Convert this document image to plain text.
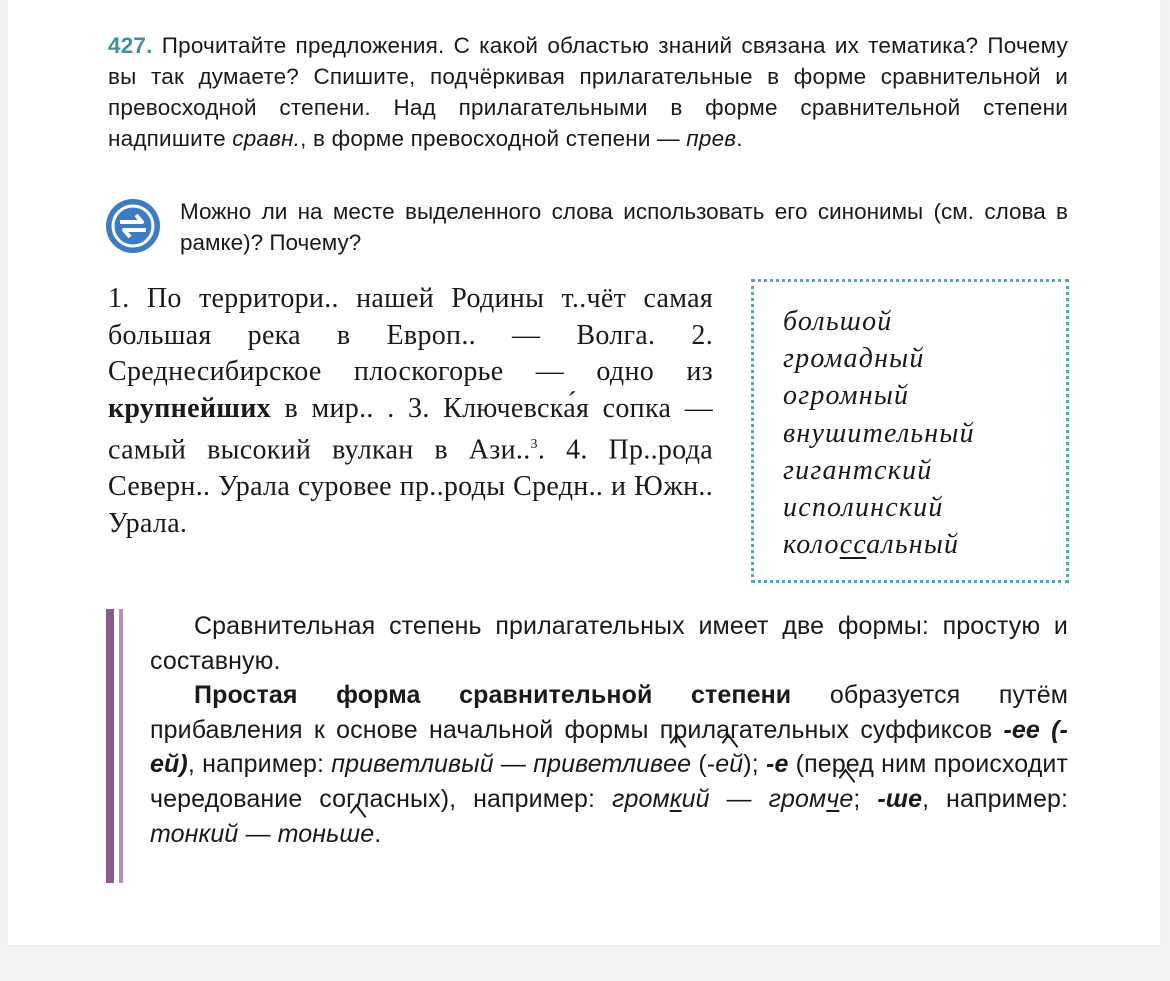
427. Прочитайте предложения. С какой областью знаний связана их тематика? Почему вы так думаете? Спишите, подчёркивая прилагательные в форме сравнительной и превосходной степени. Над прилагательными в форме сравнительной степени надпишите сравн., в форме превосходной степени — прев.
Можно ли на месте выделенного слова использовать его синонимы (см. слова в рамке)? Почему?
1. По территори.. нашей Родины т..чёт самая большая река в Европ.. — Волга. 2. Среднесибирское плоскогорье — одно из крупнейших в мир.. . 3. Ключевска́я сопка — самый высокий вулкан в Ази..$^3$. 4. Пр..рода Северн.. Урала суровее пр..роды Средн.. и Южн.. Урала.
большой
громадный
огромный
внушительный
гигантский
исполинский
колоссальный

Сравнительная степень прилагательных имеет две формы: простую и составную.

Простая форма сравнительной степени образуется путём прибавления к основе начальной формы прилагательных суффиксов -ее (-ей), например: приветливый — приветливее (-ей); -е (перед ним происходит чередование согласных), например: громкий — громче; -ше, например: тонкий — тоньше.
